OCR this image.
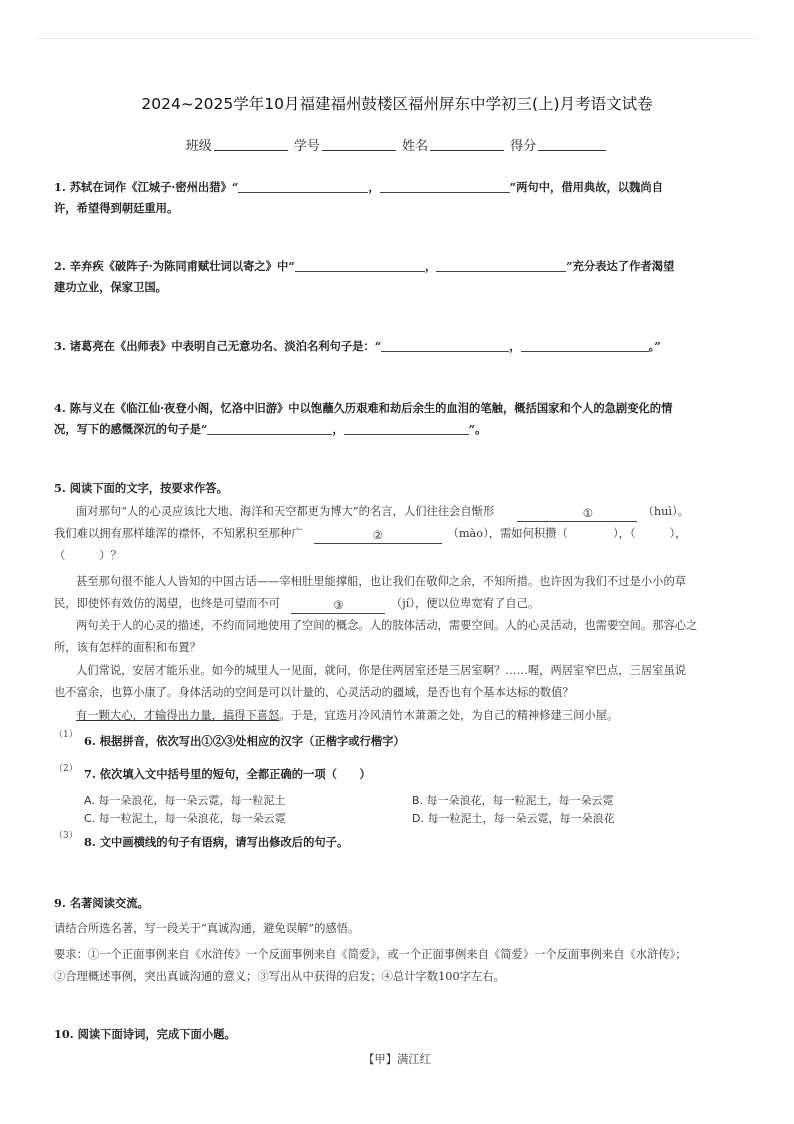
2024~2025学年10月福建福州鼓楼区福州屏东中学初三(上)月考语文试卷
班级	学号	姓名	得分
1. 苏轼在词作《江城子·密州出猎》“	，	”两句中，借用典故，以魏尚自
许，希望得到朝廷重用。
2. 辛弃疾《破阵子·为陈同甫赋壮词以寄之》中“	，	”充分表达了作者渴望
建功立业，保家卫国。
3. 诸葛亮在《出师表》中表明自己无意功名、淡泊名利句子是：“	，	。”
4. 陈与义在《临江仙·夜登小阁，忆洛中旧游》中以饱蘸久历艰难和劫后余生的血泪的笔触，概括国家和个人的急剧变化的情
况，写下的感慨深沉的句子是“	，	”。
5. 阅读下面的文字，按要求作答。
面对那句“人的心灵应该比大地、海洋和天空都更为博大”的名言，人们往往会自惭形　　	①　	（huì）。
我们难以拥有那样雄浑的襟怀，不知累积至那种广　	②　	（mào），需如何积攒（　　　　	），（　　　	），
（　　　	）？
甚至那句很不能人人皆知的中国古话——宰相肚里能撑船，也让我们在敬仰之余，不知所措。也许因为我们不过是小小的草
民，即使怀有效仿的渴望，也终是可望而不可　	③　	（jí），便以位卑宽宥了自己。
两句关于人的心灵的描述，不约而同地使用了空间的概念。人的肢体活动，需要空间。人的心灵活动，也需要空间。那容心之
所，该有怎样的面积和布置？
人们常说，安居才能乐业。如今的城里人一见面，就问，你是住两居室还是三居室啊？……喔，两居室窄巴点，三居室虽说
也不富余，也算小康了。身体活动的空间是可以计量的，心灵活动的疆域，是否也有个基本达标的数值？
有一颗大心，才输得出力量，搞得下喜怒。于是，宜选月冷风清竹木萧萧之处，为自己的精神修建三间小屋。
（1） 6. 根据拼音，依次写出①②③处相应的汉字（正楷字或行楷字）
（2） 7. 依次填入文中括号里的短句，全都正确的一项（　　）
A. 每一朵浪花，每一朵云霓，每一粒泥土	B. 每一朵浪花，每一粒泥土，每一朵云霓
C. 每一粒泥土，每一朵浪花，每一朵云霓	D. 每一粒泥土，每一朵云霓，每一朵浪花
（3） 8. 文中画横线的句子有语病，请写出修改后的句子。
9. 名著阅读交流。
请结合所选名著，写一段关于“真诚沟通，避免误解”的感悟。
要求：①一个正面事例来自《水浒传》一个反面事例来自《简爱》，或一个正面事例来自《简爱》一个反面事例来自《水浒传》；
②合理概述事例，突出真诚沟通的意义；③写出从中获得的启发；④总计字数100字左右。
10. 阅读下面诗词，完成下面小题。
【甲】满江红
